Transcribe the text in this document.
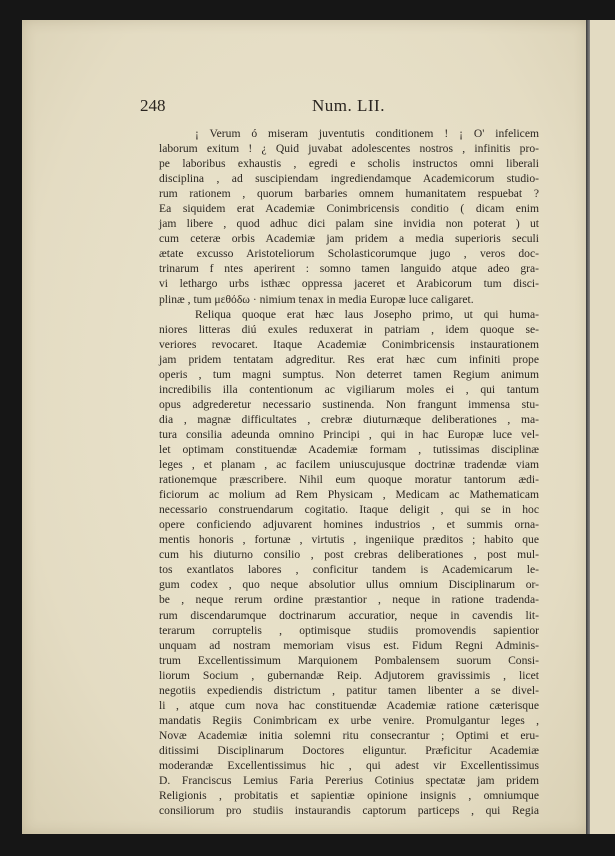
248	Num. LII.
¡ Verum ó miseram juventutis conditionem ! ¡ O' infelicem
laborum exitum ! ¿ Quid juvabat adolescentes nostros , infinitis pro-
pe laboribus exhaustis , egredi e scholis instructos omni liberali
disciplina , ad suscipiendam ingrediendamque Academicorum studio-
rum rationem , quorum barbaries omnem humanitatem respuebat ?
Ea siquidem erat Academiæ Conimbricensis conditio ( dicam enim
jam libere , quod adhuc dici palam sine invidia non poterat ) ut
cum ceteræ orbis Academiæ jam pridem a media superioris seculi
ætate excusso Aristoteliorum Scholasticorumque jugo , veros doc-
trinarum f ntes aperirent : somno tamen languido atque adeo gra-
vi lethargo urbs isthæc oppressa jaceret et Arabicorum tum disci-
plinæ , tum μεθόδω · nimium tenax in media Europæ luce caligaret.
Reliqua quoque erat hæc laus Josepho primo, ut qui huma-
niores litteras diú exules reduxerat in patriam , idem quoque se-
veriores revocaret. Itaque Academiæ Conimbricensis instaurationem
jam pridem tentatam adgreditur. Res erat hæc cum infiniti prope
operis , tum magni sumptus. Non deterret tamen Regium animum
incredibilis illa contentionum ac vigiliarum moles ei , qui tantum
opus adgrederetur necessario sustinenda. Non frangunt immensa stu-
dia , magnæ difficultates , crebræ diuturnæque deliberationes , ma-
tura consilia adeunda omnino Principi , qui in hac Europæ luce vel-
let optimam constituendæ Academiæ formam , tutissimas disciplinæ
leges , et planam , ac facilem uniuscujusque doctrinæ tradendæ viam
rationemque præscribere. Nihil eum quoque moratur tantorum ædi-
ficiorum ac molium ad Rem Physicam , Medicam ac Mathematicam
necessario construendarum cogitatio. Itaque deligit , qui se in hoc
opere conficiendo adjuvarent homines industrios , et summis orna-
mentis honoris , fortunæ , virtutis , ingeniique præditos ; habito que
cum his diuturno consilio , post crebras deliberationes , post mul-
tos exantlatos labores , conficitur tandem is Academicarum le-
gum codex , quo neque absolutior ullus omnium Disciplinarum or-
be , neque rerum ordine præstantior , neque in ratione tradenda-
rum discendarumque doctrinarum accuratior, neque in cavendis lit-
terarum corruptelis , optimisque studiis promovendis sapientior
unquam ad nostram memoriam visus est. Fidum Regni Adminis-
trum Excellentissimum Marquionem Pombalensem suorum Consi-
liorum Socium , gubernandæ Reip. Adjutorem gravissimis , licet
negotiis expediendis districtum , patitur tamen libenter a se divel-
li , atque cum nova hac constituendæ Academiæ ratione cæterisque
mandatis Regiis Conimbricam ex urbe venire. Promulgantur leges ,
Novæ Academiæ initia solemni ritu consecrantur ; Optimi et eru-
ditissimi Disciplinarum Doctores eliguntur. Præficitur Academiæ
moderandæ Excellentissimus hic , qui adest vir Excellentissimus
D. Franciscus Lemius Faria Pererius Cotinius spectatæ jam pridem
Religionis , probitatis et sapientiæ opinione insignis , omniumque
consiliorum pro studiis instaurandis captorum particeps , qui Regia
